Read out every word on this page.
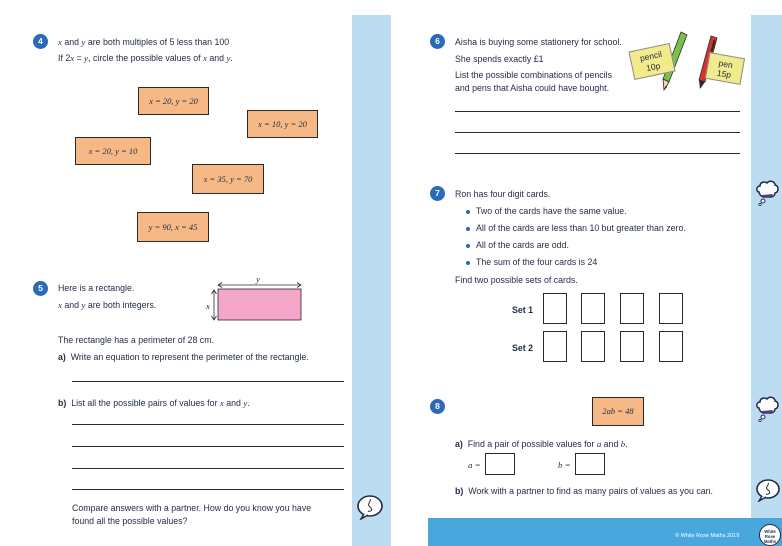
4	x and y are both multiples of 5 less than 100
If 2x = y, circle the possible values of x and y.
x = 20, y = 20
x = 10, y = 20
x = 20, y = 10
x = 35, y = 70
y = 90, x = 45
5	Here is a rectangle.
x and y are both integers.
y
x
The rectangle has a perimeter of 28 cm.
a) Write an equation to represent the perimeter of the rectangle.
b) List all the possible pairs of values for x and y.
Compare answers with a partner. How do you know you have
found all the possible values?
6	Aisha is buying some stationery for school.
She spends exactly £1
List the possible combinations of pencils
and pens that Aisha could have bought.
pencil
10p	pen
15p
7	Ron has four digit cards.
Two of the cards have the same value.
All of the cards are less than 10 but greater than zero.
All of the cards are odd.
The sum of the four cards is 24
Find two possible sets of cards.
Set 1
Set 2
8	2ab = 48
a) Find a pair of possible values for a and b.
a =	b =
b) Work with a partner to find as many pairs of values as you can.
© White Rose Maths 2019
White Rose Maths
